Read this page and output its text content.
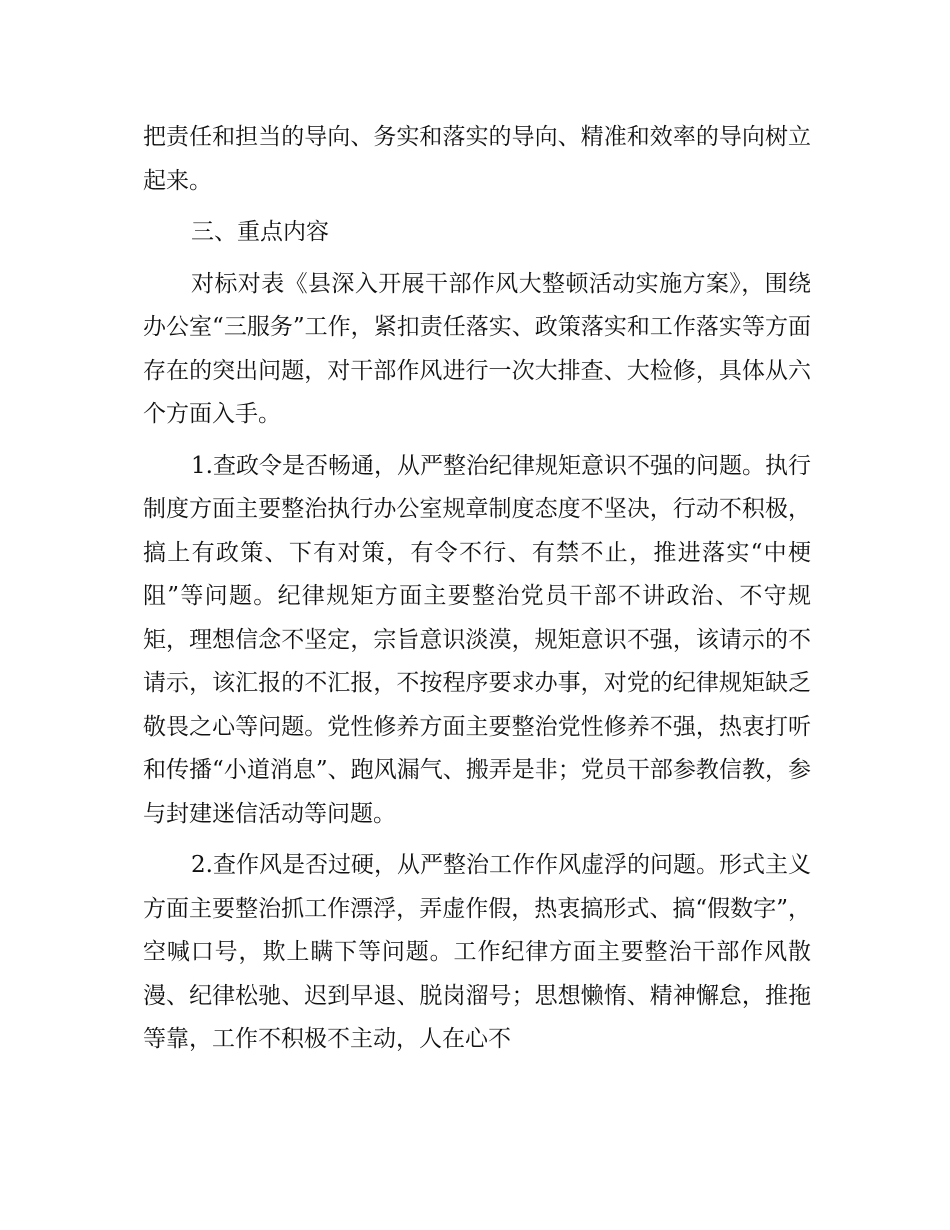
把责任和担当的导向、务实和落实的导向、精准和效率的导向树立起来。

三、重点内容

对标对表《县深入开展干部作风大整顿活动实施方案》，围绕办公室“三服务”工作，紧扣责任落实、政策落实和工作落实等方面存在的突出问题，对干部作风进行一次大排查、大检修，具体从六个方面入手。

1.查政令是否畅通，从严整治纪律规矩意识不强的问题。执行制度方面主要整治执行办公室规章制度态度不坚决，行动不积极，搞上有政策、下有对策，有令不行、有禁不止，推进落实“中梗阻”等问题。纪律规矩方面主要整治党员干部不讲政治、不守规矩，理想信念不坚定，宗旨意识淡漠，规矩意识不强，该请示的不请示，该汇报的不汇报，不按程序要求办事，对党的纪律规矩缺乏敬畏之心等问题。党性修养方面主要整治党性修养不强，热衷打听和传播“小道消息”、跑风漏气、搬弄是非；党员干部参教信教，参与封建迷信活动等问题。

2.查作风是否过硬，从严整治工作作风虚浮的问题。形式主义方面主要整治抓工作漂浮，弄虚作假，热衷搞形式、搞“假数字”，空喊口号，欺上瞒下等问题。工作纪律方面主要整治干部作风散漫、纪律松驰、迟到早退、脱岗溜号；思想懒惰、精神懈怠，推拖等靠，工作不积极不主动，人在心不
